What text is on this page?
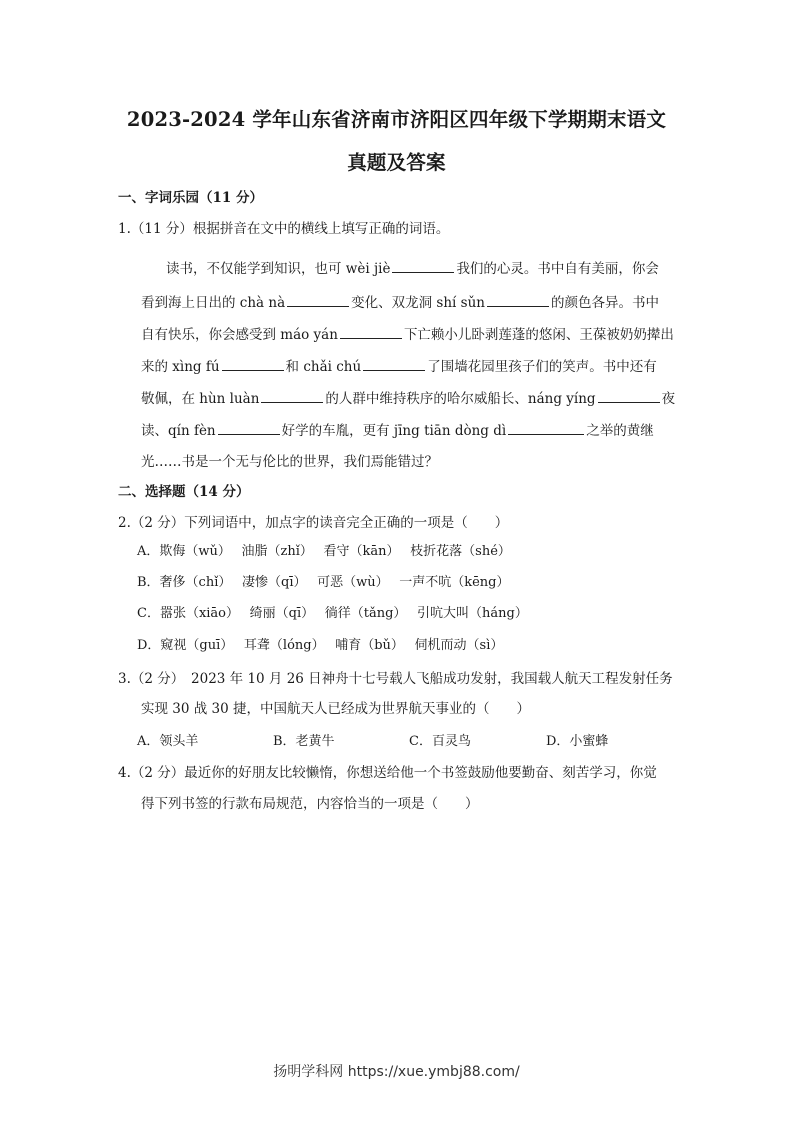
2023-2024 学年山东省济南市济阳区四年级下学期期末语文
真题及答案
一、字词乐园（11 分）
1.（11 分）根据拼音在文中的横线上填写正确的词语。
读书，不仅能学到知识，也可 wèi jiè	我们的心灵。书中自有美丽，你会
看到海上日出的 chà nà	变化、双龙洞 shí sǔn	的颜色各异。书中
自有快乐，你会感受到 máo yán	下亡赖小儿卧剥莲蓬的悠闲、王葆被奶奶撵出
来的 xìng fú	和 chǎi chú	了围墙花园里孩子们的笑声。书中还有
敬佩，在 hùn luàn	的人群中维持秩序的哈尔威船长、náng yíng	夜
读、qín fèn	好学的车胤，更有 jīng tiān dòng dì	之举的黄继
光……书是一个无与伦比的世界，我们焉能错过？
二、选择题（14 分）
2.（2 分）下列词语中，加点字的读音完全正确的一项是（　　）
A．欺侮（wǔ）　 油脂（zhǐ）　 看守（kān）　 枝折花落（shé）
B．奢侈（chǐ）　 凄惨（qī）　 可恶（wù）　 一声不吭（kēng）
C．嚣张（xiāo）　 绮丽（qī）　 徜徉（tǎng）　 引吭大叫（háng）
D．窥视（guī）　 耳聋（lóng）　 哺育（bǔ）　 伺机而动（sì）
3.（2 分）　2023 年 10 月 26 日神舟十七号载人飞船成功发射，我国载人航天工程发射任务
实现 30 战 30 捷，中国航天人已经成为世界航天事业的（　　）
A．领头羊	B．老黄牛	C．百灵鸟	D．小蜜蜂
4.（2 分）最近你的好朋友比较懒惰，你想送给他一个书签鼓励他要勤奋、刻苦学习，你觉
得下列书签的行款布局规范，内容恰当的一项是（　　）
扬明学科网 https://xue.ymbj88.com/
